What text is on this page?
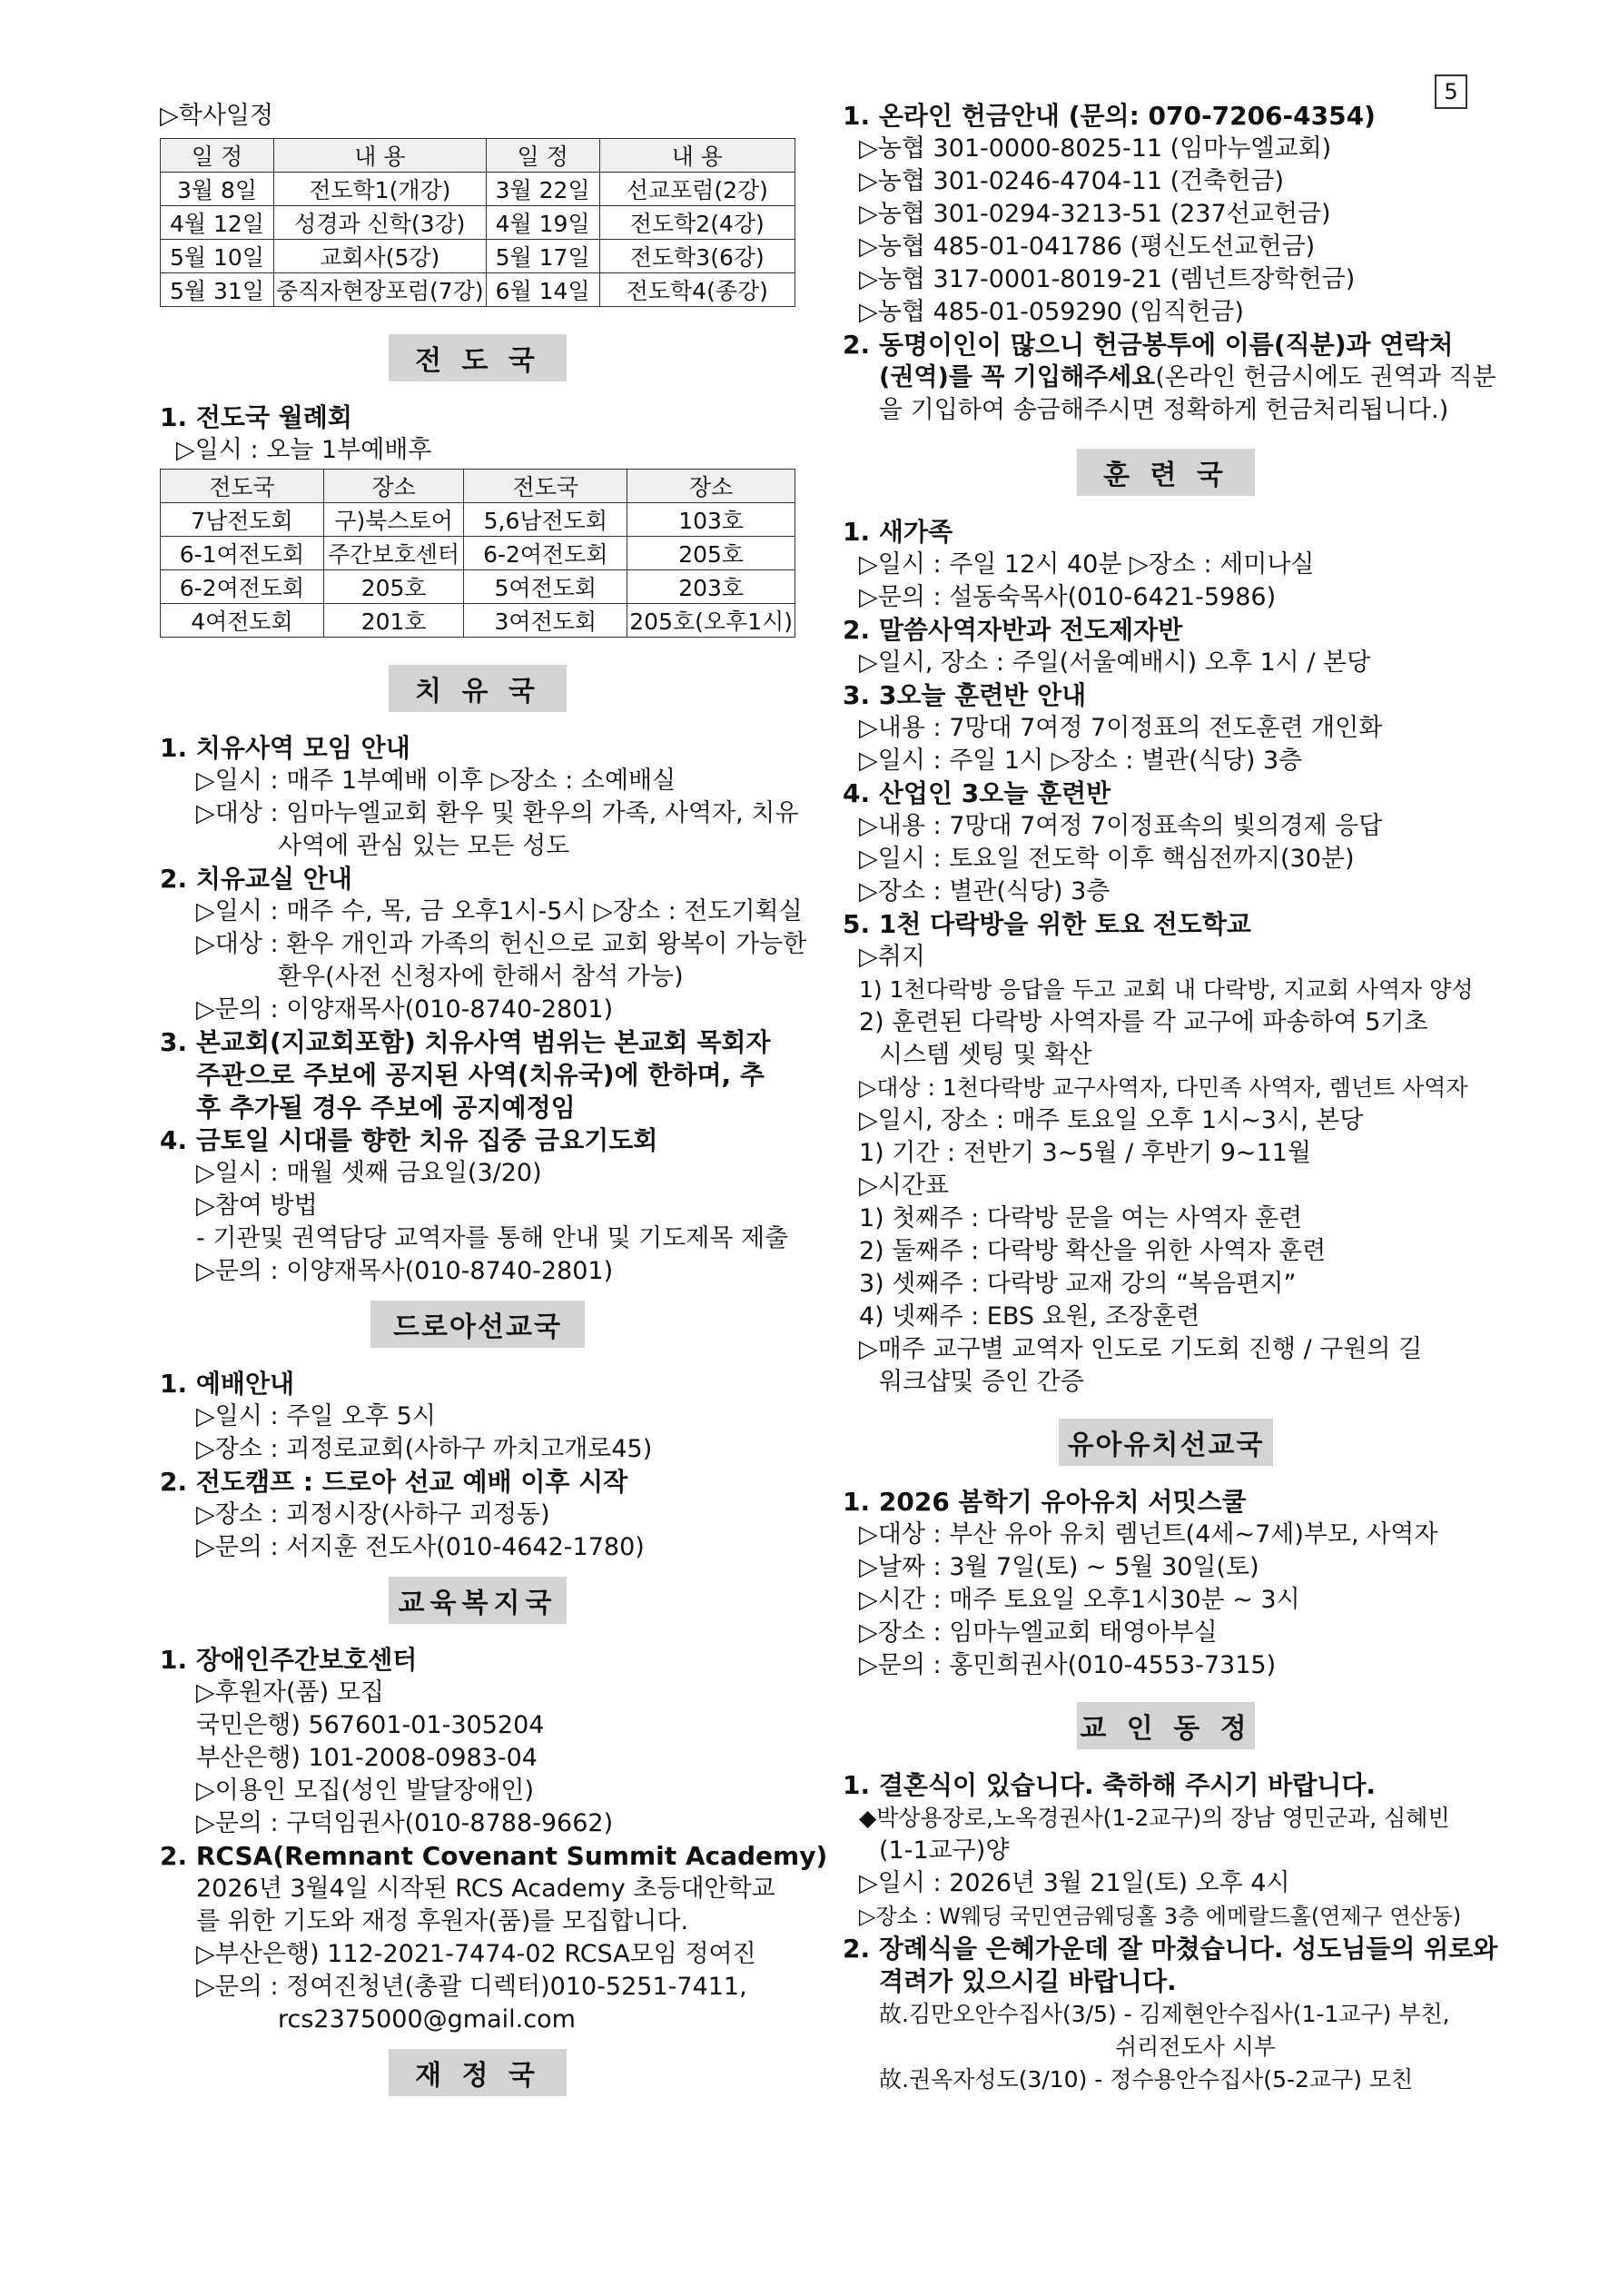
5
▷학사일정
일 정	내 용	일 정	내 용
3월 8일	전도학1(개강)	3월 22일	선교포럼(2강)
4월 12일	성경과 신학(3강)	4월 19일	전도학2(4강)
5월 10일	교회사(5강)	5월 17일	전도학3(6강)
5월 31일	중직자현장포럼(7강)	6월 14일	전도학4(종강)
전 도 국
1. 전도국 월례회
▷일시 : 오늘 1부예배후
전도국	장소	전도국	장소
7남전도회	구)북스토어	5,6남전도회	103호
6-1여전도회	주간보호센터	6-2여전도회	205호
6-2여전도회	205호	5여전도회	203호
4여전도회	201호	3여전도회	205호(오후1시)
치 유 국
1. 치유사역 모임 안내
▷일시 : 매주 1부예배 이후 ▷장소 : 소예배실
▷대상 : 임마누엘교회 환우 및 환우의 가족, 사역자, 치유
사역에 관심 있는 모든 성도
2. 치유교실 안내
▷일시 : 매주 수, 목, 금 오후1시-5시 ▷장소 : 전도기획실
▷대상 : 환우 개인과 가족의 헌신으로 교회 왕복이 가능한
환우(사전 신청자에 한해서 참석 가능)
▷문의 : 이양재목사(010-8740-2801)
3. 본교회(지교회포함) 치유사역 범위는 본교회 목회자
주관으로 주보에 공지된 사역(치유국)에 한하며, 추
후 추가될 경우 주보에 공지예정임
4. 금토일 시대를 향한 치유 집중 금요기도회
▷일시 : 매월 셋째 금요일(3/20)
▷참여 방법
- 기관및 권역담당 교역자를 통해 안내 및 기도제목 제출
▷문의 : 이양재목사(010-8740-2801)
드로아선교국
1. 예배안내
▷일시 : 주일 오후 5시
▷장소 : 괴정로교회(사하구 까치고개로45)
2. 전도캠프 : 드로아 선교 예배 이후 시작
▷장소 : 괴정시장(사하구 괴정동)
▷문의 : 서지훈 전도사(010-4642-1780)
교육복지국
1. 장애인주간보호센터
▷후원자(품) 모집
국민은행) 567601-01-305204
부산은행) 101-2008-0983-04
▷이용인 모집(성인 발달장애인)
▷문의 : 구덕임권사(010-8788-9662)
2. RCSA(Remnant Covenant Summit Academy)
2026년 3월4일 시작된 RCS Academy 초등대안학교
를 위한 기도와 재정 후원자(품)를 모집합니다.
▷부산은행) 112-2021-7474-02 RCSA모임 정여진
▷문의 : 정여진청년(총괄 디렉터)010-5251-7411,
rcs2375000@gmail.com
재 정 국
1. 온라인 헌금안내 (문의: 070-7206-4354)
▷농협 301-0000-8025-11 (임마누엘교회)
▷농협 301-0246-4704-11 (건축헌금)
▷농협 301-0294-3213-51 (237선교헌금)
▷농협 485-01-041786 (평신도선교헌금)
▷농협 317-0001-8019-21 (렘넌트장학헌금)
▷농협 485-01-059290 (임직헌금)
2. 동명이인이 많으니 헌금봉투에 이름(직분)과 연락처
(권역)를 꼭 기입해주세요(온라인 헌금시에도 권역과 직분
을 기입하여 송금해주시면 정확하게 헌금처리됩니다.)
훈 련 국
1. 새가족
▷일시 : 주일 12시 40분 ▷장소 : 세미나실
▷문의 : 설동숙목사(010-6421-5986)
2. 말씀사역자반과 전도제자반
▷일시, 장소 : 주일(서울예배시) 오후 1시 / 본당
3. 3오늘 훈련반 안내
▷내용 : 7망대 7여정 7이정표의 전도훈련 개인화
▷일시 : 주일 1시 ▷장소 : 별관(식당) 3층
4. 산업인 3오늘 훈련반
▷내용 : 7망대 7여정 7이정표속의 빛의경제 응답
▷일시 : 토요일 전도학 이후 핵심전까지(30분)
▷장소 : 별관(식당) 3층
5. 1천 다락방을 위한 토요 전도학교
▷취지
1) 1천다락방 응답을 두고 교회 내 다락방, 지교회 사역자 양성
2) 훈련된 다락방 사역자를 각 교구에 파송하여 5기초
시스템 셋팅 및 확산
▷대상 : 1천다락방 교구사역자, 다민족 사역자, 렘넌트 사역자
▷일시, 장소 : 매주 토요일 오후 1시~3시, 본당
1) 기간 : 전반기 3~5월 / 후반기 9~11월
▷시간표
1) 첫째주 : 다락방 문을 여는 사역자 훈련
2) 둘째주 : 다락방 확산을 위한 사역자 훈련
3) 셋째주 : 다락방 교재 강의 “복음편지”
4) 넷째주 : EBS 요원, 조장훈련
▷매주 교구별 교역자 인도로 기도회 진행 / 구원의 길
워크샵및 증인 간증
유아유치선교국
1. 2026 봄학기 유아유치 서밋스쿨
▷대상 : 부산 유아 유치 렘넌트(4세~7세)부모, 사역자
▷날짜 : 3월 7일(토) ~ 5월 30일(토)
▷시간 : 매주 토요일 오후1시30분 ~ 3시
▷장소 : 임마누엘교회 태영아부실
▷문의 : 홍민희권사(010-4553-7315)
교 인 동 정
1. 결혼식이 있습니다. 축하해 주시기 바랍니다.
◆박상용장로,노옥경권사(1-2교구)의 장남 영민군과, 심혜빈
(1-1교구)양
▷일시 : 2026년 3월 21일(토) 오후 4시
▷장소 : W웨딩 국민연금웨딩홀 3층 에메랄드홀(연제구 연산동)
2. 장례식을 은혜가운데 잘 마쳤습니다. 성도님들의 위로와
격려가 있으시길 바랍니다.
故.김만오안수집사(3/5) - 김제현안수집사(1-1교구) 부친,
쉬리전도사 시부
故.권옥자성도(3/10) - 정수용안수집사(5-2교구) 모친
